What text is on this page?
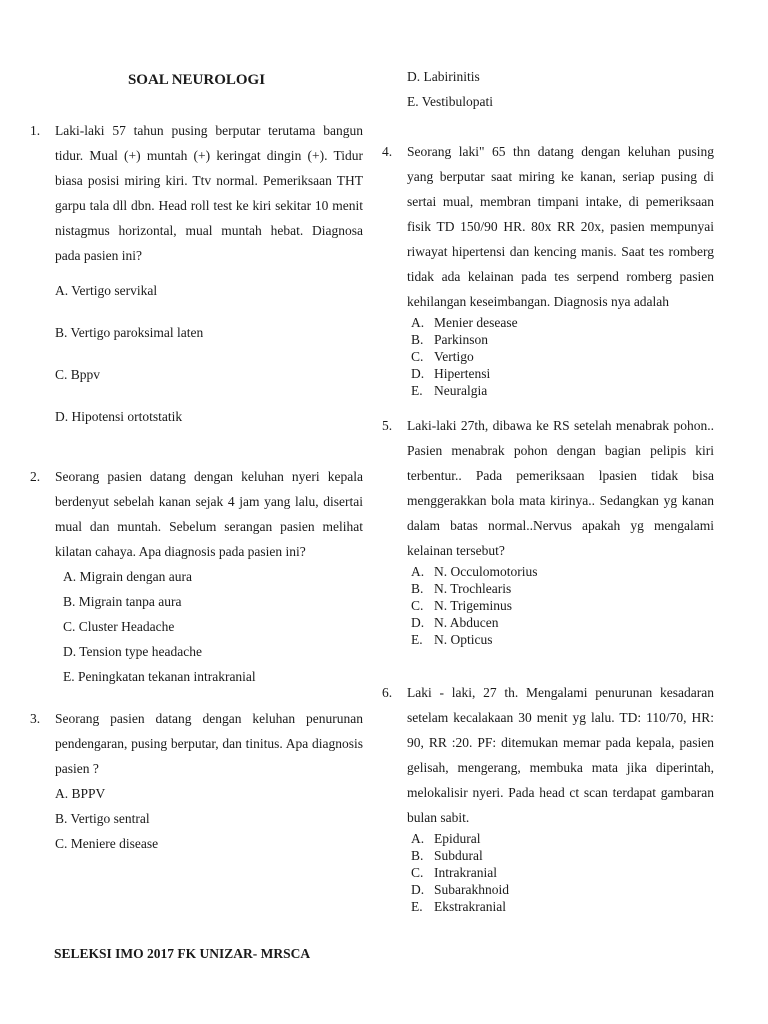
SOAL NEUROLOGI
1. Laki-laki 57 tahun pusing berputar terutama bangun tidur. Mual (+) muntah (+) keringat dingin (+). Tidur biasa posisi miring kiri. Ttv normal. Pemeriksaan THT garpu tala dll dbn. Head roll test ke kiri sekitar 10 menit nistagmus horizontal, mual muntah hebat. Diagnosa pada pasien ini?
A. Vertigo servikal
B. Vertigo paroksimal laten
C. Bppv
D. Hipotensi ortotstatik
2. Seorang pasien datang dengan keluhan nyeri kepala berdenyut sebelah kanan sejak 4 jam yang lalu, disertai mual dan muntah. Sebelum serangan pasien melihat kilatan cahaya. Apa diagnosis pada pasien ini?
A. Migrain dengan aura
B. Migrain tanpa aura
C. Cluster Headache
D. Tension type headache
E. Peningkatan tekanan intrakranial
3. Seorang pasien datang dengan keluhan penurunan pendengaran, pusing berputar, dan tinitus. Apa diagnosis pasien ?
A. BPPV
B. Vertigo sentral
C. Meniere disease
D. Labirinitis
E. Vestibulopati
4. Seorang laki" 65 thn datang dengan keluhan pusing yang berputar saat miring ke kanan, seriap pusing di sertai mual, membran timpani intake, di pemeriksaan fisik TD 150/90 HR. 80x RR 20x, pasien mempunyai riwayat hipertensi dan kencing manis. Saat tes romberg tidak ada kelainan pada tes serpend romberg pasien kehilangan keseimbangan. Diagnosis nya adalah
A. Menier desease
B. Parkinson
C. Vertigo
D. Hipertensi
E. Neuralgia
5. Laki-laki 27th, dibawa ke RS setelah menabrak pohon.. Pasien menabrak pohon dengan bagian pelipis kiri terbentur.. Pada pemeriksaan lpasien tidak bisa menggerakkan bola mata kirinya.. Sedangkan yg kanan dalam batas normal..Nervus apakah yg mengalami kelainan tersebut?
A. N. Occulomotorius
B. N. Trochlearis
C. N. Trigeminus
D. N. Abducen
E. N. Opticus
6. Laki - laki, 27 th. Mengalami penurunan kesadaran setelam kecalakaan 30 menit yg lalu. TD: 110/70, HR: 90, RR :20. PF: ditemukan memar pada kepala, pasien gelisah, mengerang, membuka mata jika diperintah, melokalisir nyeri. Pada head ct scan terdapat gambaran bulan sabit.
A. Epidural
B. Subdural
C. Intrakranial
D. Subarakhnoid
E. Ekstrakranial
SELEKSI IMO 2017 FK UNIZAR- MRSCA
